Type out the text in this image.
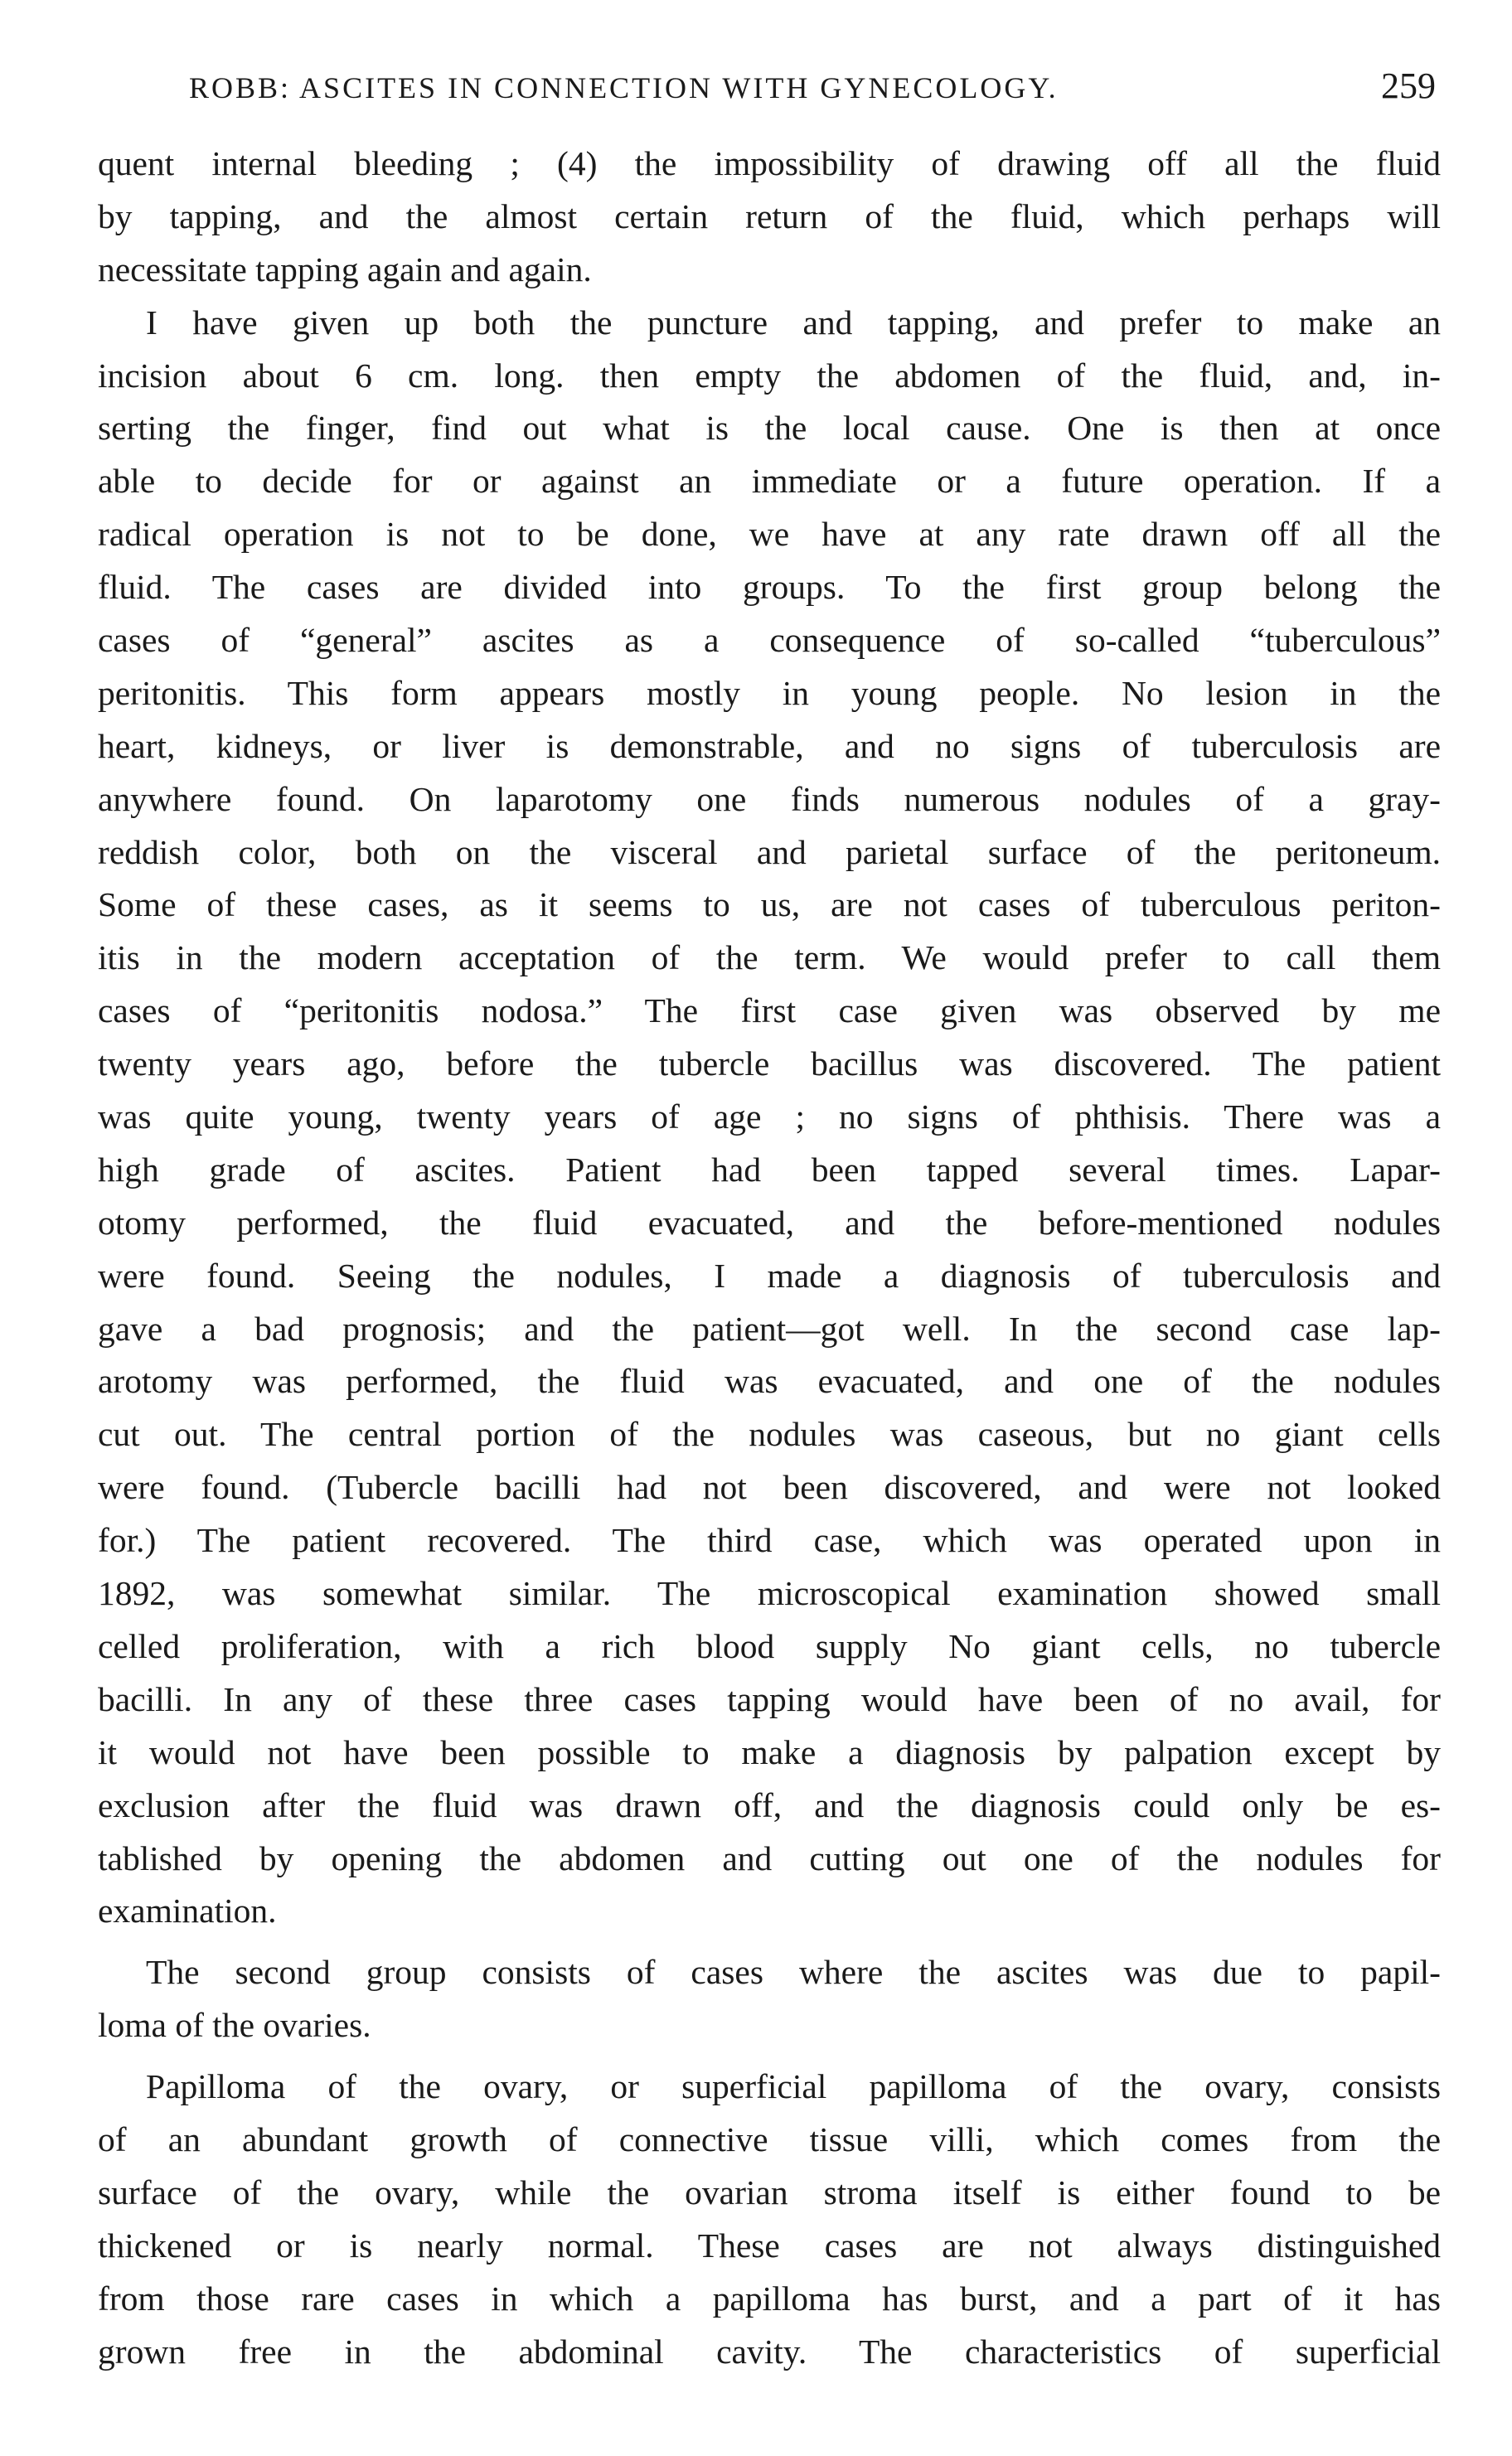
ROBB: ASCITES IN CONNECTION WITH GYNECOLOGY.	259
quent internal bleeding ; (4) the impossibility of drawing off all the fluid
by tapping, and the almost certain return of the fluid, which perhaps will
necessitate tapping again and again.
I have given up both the puncture and tapping, and prefer to make an
incision about 6 cm. long. then empty the abdomen of the fluid, and, in-
serting the finger, find out what is the local cause. One is then at once
able to decide for or against an immediate or a future operation. If a
radical operation is not to be done, we have at any rate drawn off all the
fluid. The cases are divided into groups. To the first group belong the
cases of “general” ascites as a consequence of so-called “tuberculous”
peritonitis. This form appears mostly in young people. No lesion in the
heart, kidneys, or liver is demonstrable, and no signs of tuberculosis are
anywhere found. On laparotomy one finds numerous nodules of a gray-
reddish color, both on the visceral and parietal surface of the peritoneum.
Some of these cases, as it seems to us, are not cases of tuberculous periton-
itis in the modern acceptation of the term. We would prefer to call them
cases of “peritonitis nodosa.” The first case given was observed by me
twenty years ago, before the tubercle bacillus was discovered. The patient
was quite young, twenty years of age ; no signs of phthisis. There was a
high grade of ascites. Patient had been tapped several times. Lapar-
otomy performed, the fluid evacuated, and the before-mentioned nodules
were found. Seeing the nodules, I made a diagnosis of tuberculosis and
gave a bad prognosis; and the patient—got well. In the second case lap-
arotomy was performed, the fluid was evacuated, and one of the nodules
cut out. The central portion of the nodules was caseous, but no giant cells
were found. (Tubercle bacilli had not been discovered, and were not looked
for.) The patient recovered. The third case, which was operated upon in
1892, was somewhat similar. The microscopical examination showed small
celled proliferation, with a rich blood supply No giant cells, no tubercle
bacilli. In any of these three cases tapping would have been of no avail, for
it would not have been possible to make a diagnosis by palpation except by
exclusion after the fluid was drawn off, and the diagnosis could only be es-
tablished by opening the abdomen and cutting out one of the nodules for
examination.
The second group consists of cases where the ascites was due to papil-
loma of the ovaries.
Papilloma of the ovary, or superficial papilloma of the ovary, consists
of an abundant growth of connective tissue villi, which comes from the
surface of the ovary, while the ovarian stroma itself is either found to be
thickened or is nearly normal. These cases are not always distinguished
from those rare cases in which a papilloma has burst, and a part of it has
grown free in the abdominal cavity. The characteristics of superficial
